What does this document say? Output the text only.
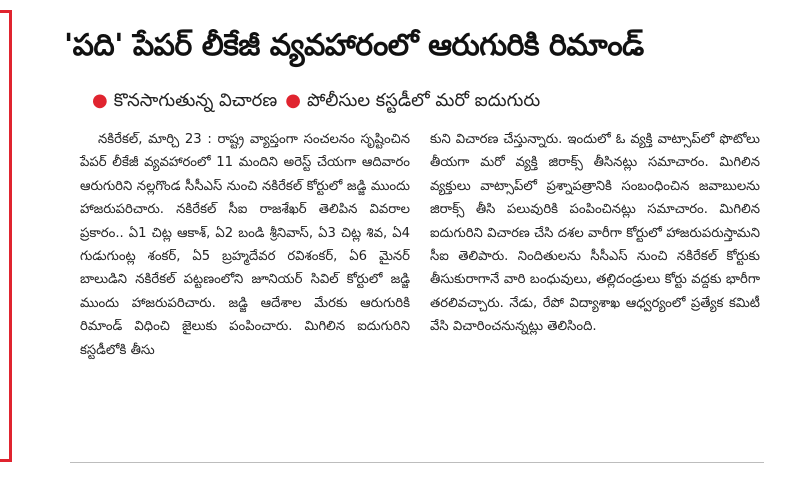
'పది' పేపర్ లీకేజీ వ్యవహారంలో ఆరుగురికి రిమాండ్
● కొనసాగుతున్న విచారణ ● పోలీసుల కస్టడీలో మరో ఐదుగురు

నకిరేకల్, మార్చి 23 : రాష్ట్ర వ్యాప్తంగా సంచలనం సృష్టించిన పేపర్ లీకేజీ వ్యవహారంలో 11 మందిని అరెస్ట్ చేయగా ఆదివారం ఆరుగురిని నల్లగొండ సీసీఎస్ నుంచి నకిరేకల్ కోర్టులో జడ్జి ముందు హాజరుపరిచారు. నకిరేకల్ సీఐ రాజశేఖర్ తెలిపిన వివరాల ప్రకారం.. ఏ1 చిట్ల ఆకాశ్, ఏ2 బండి శ్రీనివాస్, ఏ3 చిట్ల శివ, ఏ4 గుడుగుంట్ల శంకర్, ఏ5 బ్రహ్మదేవర రవిశంకర్, ఏ6 మైనర్ బాలుడిని నకిరేకల్ పట్టణంలోని జూనియర్ సివిల్ కోర్టులో జడ్జి ముందు హాజరుపరిచారు. జడ్జి ఆదేశాల మేరకు ఆరుగురికి రిమాండ్ విధించి జైలుకు పంపించారు. మిగిలిన ఐదుగురిని కస్టడీలోకి తీసు

కుని విచారణ చేస్తున్నారు. ఇందులో ఓ వ్యక్తి వాట్సాప్‌లో ఫొటోలు తీయగా మరో వ్యక్తి జిరాక్స్ తీసినట్లు సమాచారం. మిగిలిన వ్యక్తులు వాట్సాప్‌లో ప్రశ్నాపత్రానికి సంబంధించిన జవాబులను జిరాక్స్ తీసి పలువురికి పంపించినట్లు సమాచారం. మిగిలిన ఐదుగురిని విచారణ చేసి దశల వారీగా కోర్టులో హాజరుపరుస్తామని సీఐ తెలిపారు. నిందితులను సీసీఎస్ నుంచి నకిరేకల్ కోర్టుకు తీసుకురాగానే వారి బంధువులు, తల్లిదండ్రులు కోర్టు వద్దకు భారీగా తరలివచ్చారు. నేడు, రేపో విద్యాశాఖ ఆధ్వర్యంలో ప్రత్యేక కమిటీ వేసి విచారించనున్నట్లు తెలిసింది.
